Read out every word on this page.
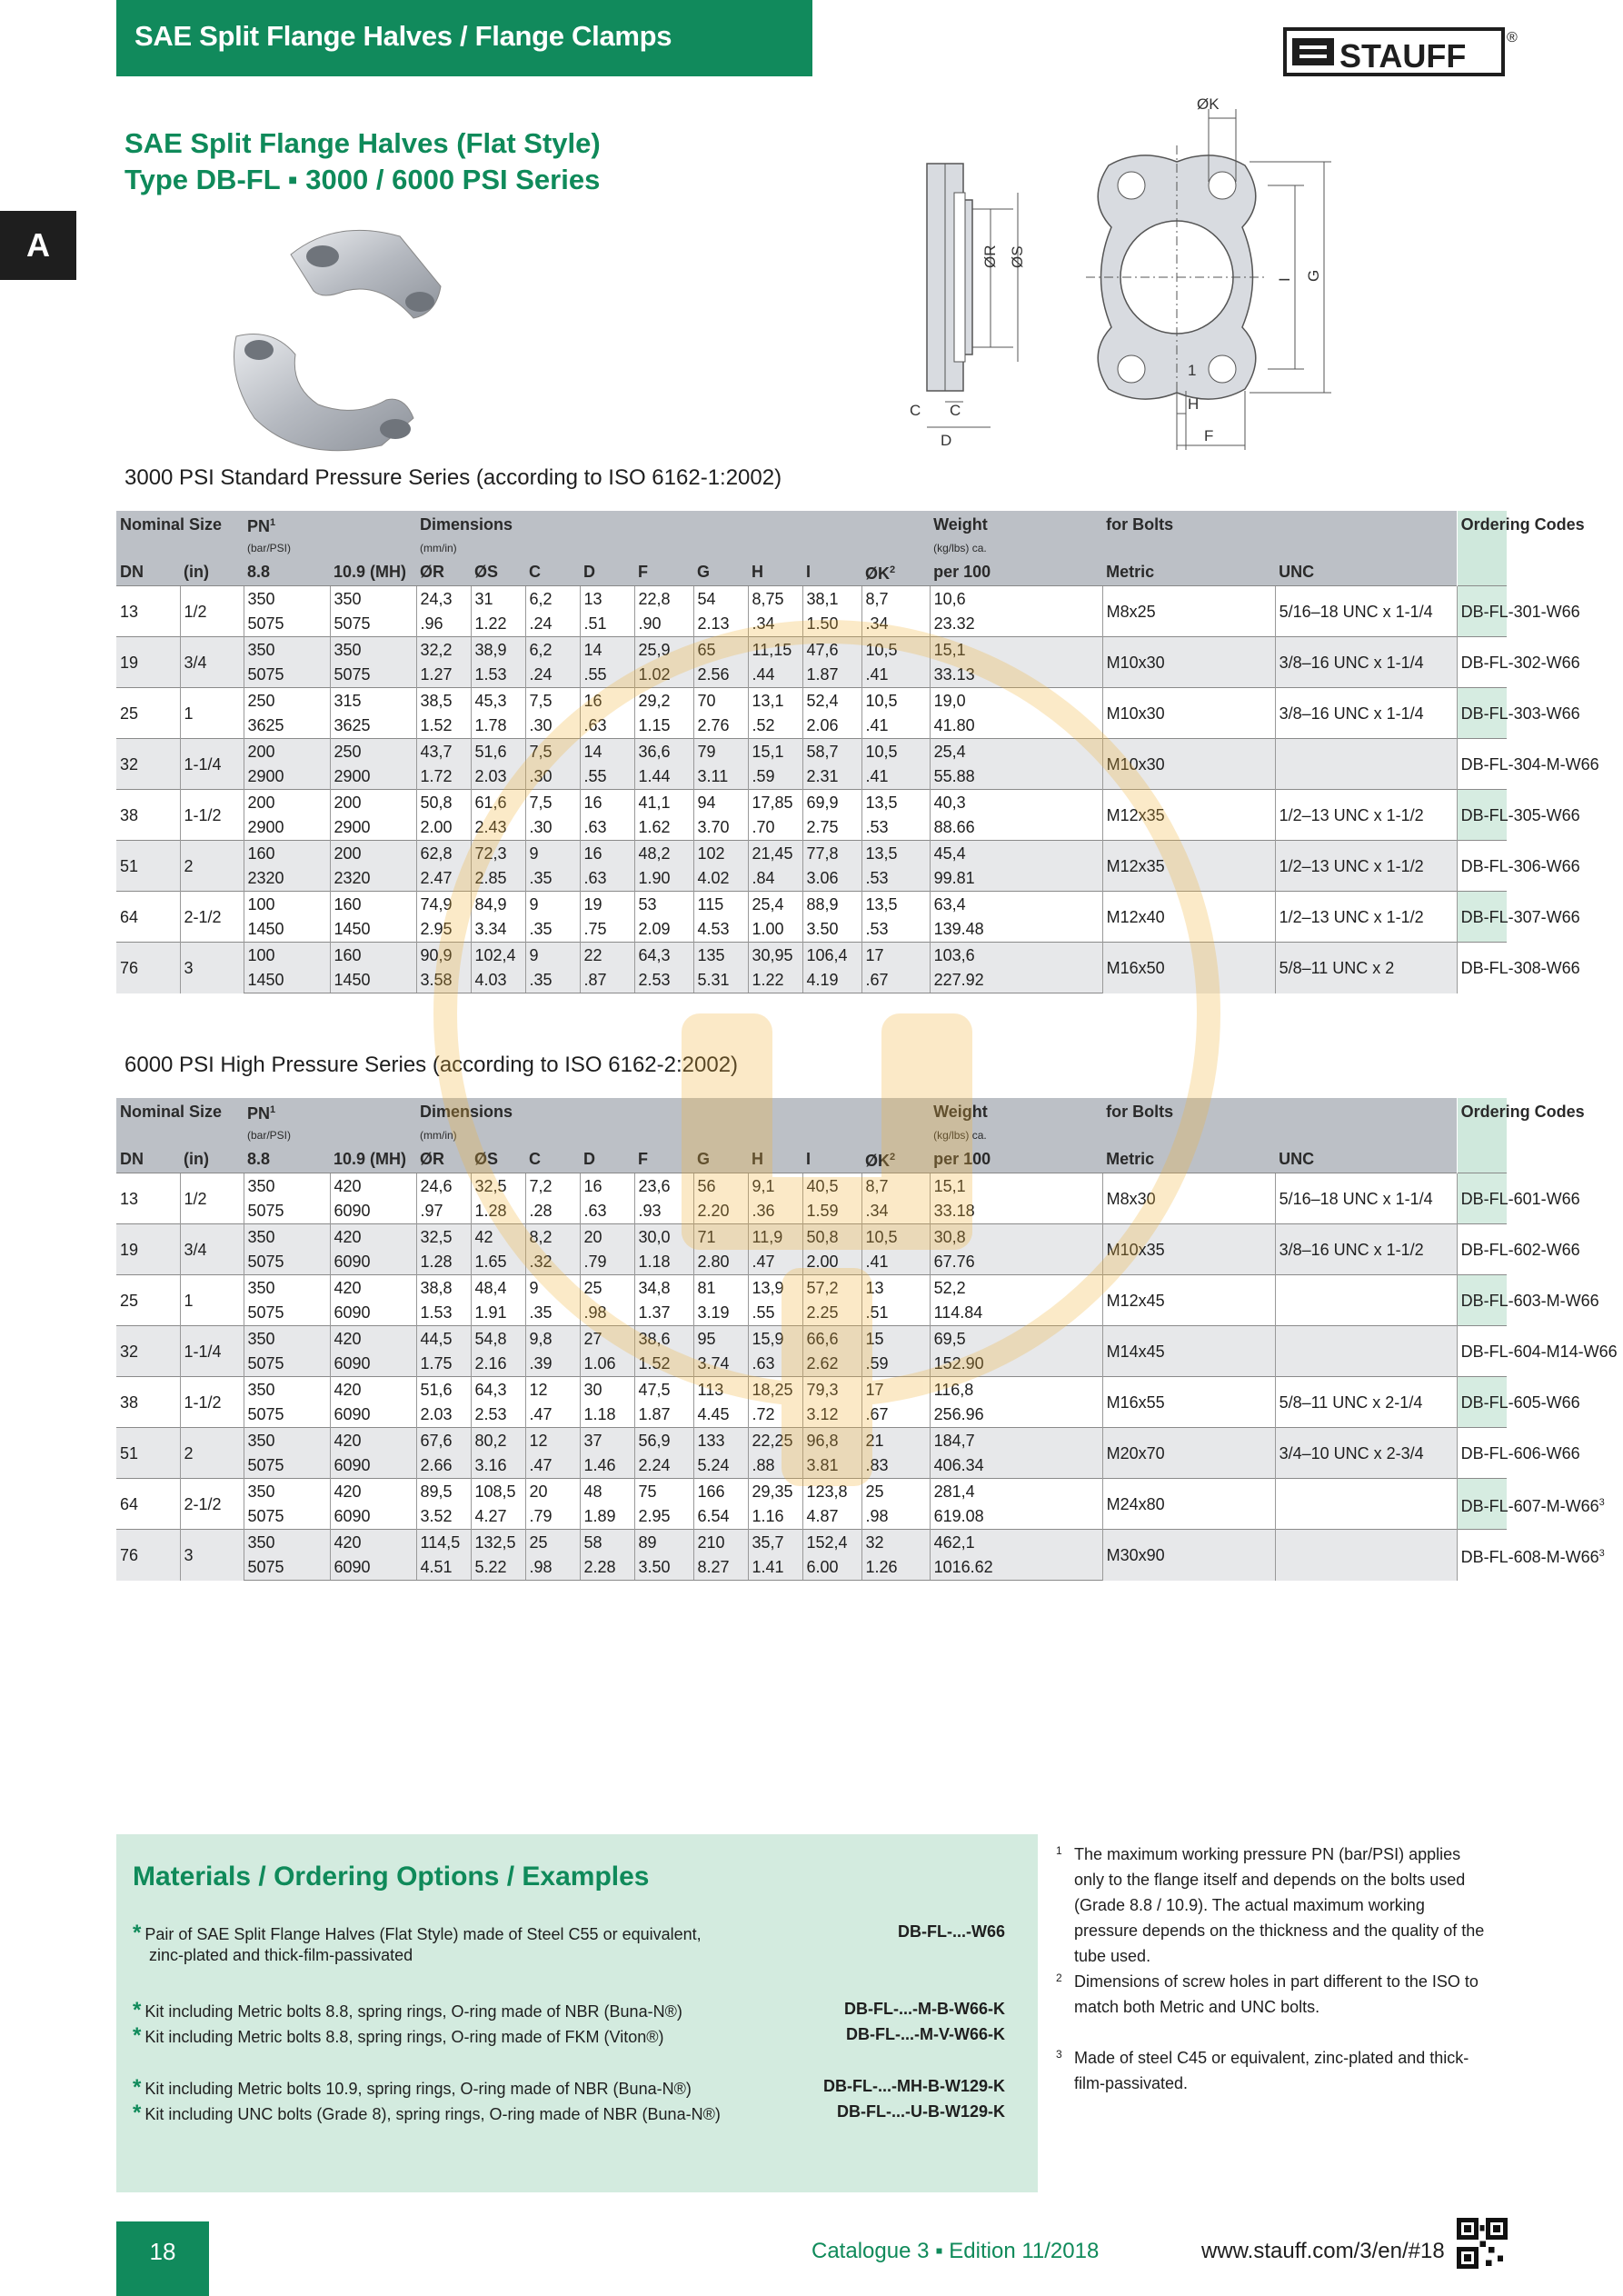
SAE Split Flange Halves / Flange Clamps
STAUFF	®
A
SAE Split Flange Halves (Flat Style)
Type DB-FL ▪ 3000 / 6000 PSI Series
C C
D
ØR ØS
ØK
I G
1
H
F
3000 PSI Standard Pressure Series (according to ISO 6162-1:2002)
Nominal Size		$PN^1$		Dimensions									Weight	for Bolts		Ordering Codes
		(bar/PSI)		(mm/in)									(kg/lbs) ca.			
DN	(in)	8.8	10.9 (MH)	ØR	ØS	C	D	F	G	H	I	$ØK^2$	per 100	Metric	UNC	
13	1/2	350	350	24,3	31	6,2	13	22,8	54	8,75	38,1	8,7	10,6	M8x25	5/16–18 UNC x 1-1/4	DB-FL-301-W66
		5075	5075	.96	1.22	.24	.51	.90	2.13	.34	1.50	.34	23.32			
19	3/4	350	350	32,2	38,9	6,2	14	25,9	65	11,15	47,6	10,5	15,1	M10x30	3/8–16 UNC x 1-1/4	DB-FL-302-W66
		5075	5075	1.27	1.53	.24	.55	1.02	2.56	.44	1.87	.41	33.13			
25	1	250	315	38,5	45,3	7,5	16	29,2	70	13,1	52,4	10,5	19,0	M10x30	3/8–16 UNC x 1-1/4	DB-FL-303-W66
		3625	3625	1.52	1.78	.30	.63	1.15	2.76	.52	2.06	.41	41.80			
32	1-1/4	200	250	43,7	51,6	7,5	14	36,6	79	15,1	58,7	10,5	25,4	M10x30		DB-FL-304-M-W66
		2900	2900	1.72	2.03	.30	.55	1.44	3.11	.59	2.31	.41	55.88			
38	1-1/2	200	200	50,8	61,6	7,5	16	41,1	94	17,85	69,9	13,5	40,3	M12x35	1/2–13 UNC x 1-1/2	DB-FL-305-W66
		2900	2900	2.00	2.43	.30	.63	1.62	3.70	.70	2.75	.53	88.66			
51	2	160	200	62,8	72,3	9	16	48,2	102	21,45	77,8	13,5	45,4	M12x35	1/2–13 UNC x 1-1/2	DB-FL-306-W66
		2320	2320	2.47	2.85	.35	.63	1.90	4.02	.84	3.06	.53	99.81			
64	2-1/2	100	160	74,9	84,9	9	19	53	115	25,4	88,9	13,5	63,4	M12x40	1/2–13 UNC x 1-1/2	DB-FL-307-W66
		1450	1450	2.95	3.34	.35	.75	2.09	4.53	1.00	3.50	.53	139.48			
76	3	100	160	90,9	102,4	9	22	64,3	135	30,95	106,4	17	103,6	M16x50	5/8–11 UNC x 2	DB-FL-308-W66
		1450	1450	3.58	4.03	.35	.87	2.53	5.31	1.22	4.19	.67	227.92			
6000 PSI High Pressure Series (according to ISO 6162-2:2002)
Nominal Size		$PN^1$		Dimensions									Weight	for Bolts		Ordering Codes
		(bar/PSI)		(mm/in)									(kg/lbs) ca.			
DN	(in)	8.8	10.9 (MH)	ØR	ØS	C	D	F	G	H	I	$ØK^2$	per 100	Metric	UNC	
13	1/2	350	420	24,6	32,5	7,2	16	23,6	56	9,1	40,5	8,7	15,1	M8x30	5/16–18 UNC x 1-1/4	DB-FL-601-W66
		5075	6090	.97	1.28	.28	.63	.93	2.20	.36	1.59	.34	33.18			
19	3/4	350	420	32,5	42	8,2	20	30,0	71	11,9	50,8	10,5	30,8	M10x35	3/8–16 UNC x 1-1/2	DB-FL-602-W66
		5075	6090	1.28	1.65	.32	.79	1.18	2.80	.47	2.00	.41	67.76			
25	1	350	420	38,8	48,4	9	25	34,8	81	13,9	57,2	13	52,2	M12x45		DB-FL-603-M-W66
		5075	6090	1.53	1.91	.35	.98	1.37	3.19	.55	2.25	.51	114.84			
32	1-1/4	350	420	44,5	54,8	9,8	27	38,6	95	15,9	66,6	15	69,5	M14x45		DB-FL-604-M14-W66
		5075	6090	1.75	2.16	.39	1.06	1.52	3.74	.63	2.62	.59	152.90			
38	1-1/2	350	420	51,6	64,3	12	30	47,5	113	18,25	79,3	17	116,8	M16x55	5/8–11 UNC x 2-1/4	DB-FL-605-W66
		5075	6090	2.03	2.53	.47	1.18	1.87	4.45	.72	3.12	.67	256.96			
51	2	350	420	67,6	80,2	12	37	56,9	133	22,25	96,8	21	184,7	M20x70	3/4–10 UNC x 2-3/4	DB-FL-606-W66
		5075	6090	2.66	3.16	.47	1.46	2.24	5.24	.88	3.81	.83	406.34			
64	2-1/2	350	420	89,5	108,5	20	48	75	166	29,35	123,8	25	281,4	M24x80		$DB-FL-607-M-W66^3$
		5075	6090	3.52	4.27	.79	1.89	2.95	6.54	1.16	4.87	.98	619.08			
76	3	350	420	114,5	132,5	25	58	89	210	35,7	152,4	32	462,1	M30x90		$DB-FL-608-M-W66^3$
		5075	6090	4.51	5.22	.98	2.28	3.50	8.27	1.41	6.00	1.26	1016.62			
Materials / Ordering Options / Examples
* Pair of SAE Split Flange Halves (Flat Style) made of Steel C55 or equivalent,
zinc-plated and thick-film-passivated
DB-FL-...-W66
* Kit including Metric bolts 8.8, spring rings, O-ring made of NBR (Buna-N®)	DB-FL-...-M-B-W66-K
* Kit including Metric bolts 8.8, spring rings, O-ring made of FKM (Viton®)	DB-FL-...-M-V-W66-K
* Kit including Metric bolts 10.9, spring rings, O-ring made of NBR (Buna-N®)	DB-FL-...-MH-B-W129-K
* Kit including UNC bolts (Grade 8), spring rings, O-ring made of NBR (Buna-N®)	DB-FL-...-U-B-W129-K
1 The maximum working pressure PN (bar/PSI) applies only to the flange itself and depends on the bolts used (Grade 8.8 / 10.9). The actual maximum working pressure depends on the thickness and the quality of the tube used.
2 Dimensions of screw holes in part different to the ISO to match both Metric and UNC bolts.
3 Made of steel C45 or equivalent, zinc-plated and thick-film-passivated.
18	Catalogue 3 ▪ Edition 11/2018	www.stauff.com/3/en/#18
